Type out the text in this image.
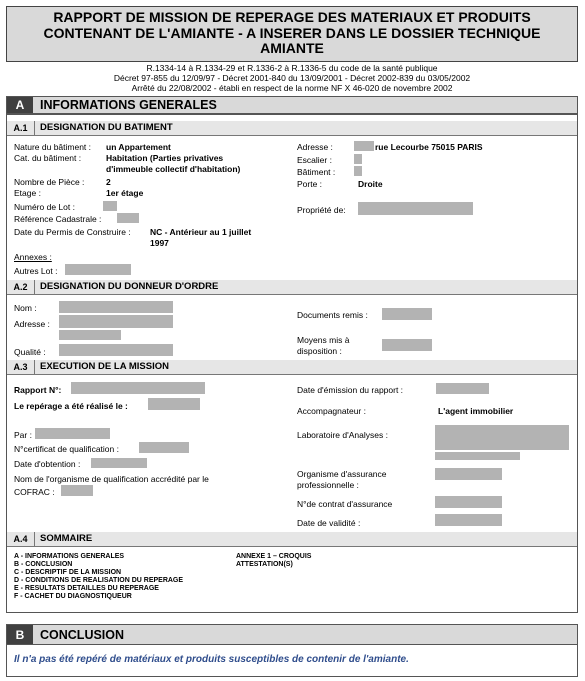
RAPPORT DE MISSION DE REPERAGE DES MATERIAUX ET PRODUITS
CONTENANT DE L'AMIANTE - A INSERER DANS LE DOSSIER TECHNIQUE
AMIANTE
R.1334-14 à R.1334-29 et R.1336-2 à R.1336-5 du code de la santé publique
Décret 97-855 du 12/09/97 - Décret 2001-840 du 13/09/2001 - Décret 2002-839 du 03/05/2002
Arrêté du 22/08/2002 - établi en respect de la norme NF X 46-020 de novembre 2002
A	INFORMATIONS GENERALES
A.1	DESIGNATION DU BATIMENT
Nature du bâtiment : un Appartement
Cat. du bâtiment :	Habitation (Parties privatives
d'immeuble collectif d'habitation)
Nombre de Pièce :	2
Etage :	1er étage
Numéro de Lot :
Référence Cadastrale :
Date du Permis de Construire : NC - Antérieur au 1 juillet
1997
Annexes :
Autres Lot :
Adresse :	rue Lecourbe 75015 PARIS
Escalier :
Bâtiment :
Porte :	Droite
Propriété de:
A.2	DESIGNATION DU DONNEUR D'ORDRE
Nom :
Adresse :
Qualité :
Documents remis :
Moyens mis à
disposition :
A.3	EXECUTION DE LA MISSION
Rapport N°:
Le repérage a été réalisé le :
Par :
N°certificat de qualification :
Date d'obtention :
Nom de l'organisme de qualification accrédité par le
COFRAC :
Date d'émission du rapport :
Accompagnateur :	L'agent immobilier
Laboratoire d'Analyses :
Organisme d'assurance
professionnelle :
N°de contrat d'assurance
Date de validité :
A.4	SOMMAIRE
A - INFORMATIONS GENERALES
B - CONCLUSION
C - DESCRIPTIF DE LA MISSION
D - CONDITIONS DE REALISATION DU REPERAGE
E - RESULTATS DETAILLES DU REPERAGE
F - CACHET DU DIAGNOSTIQUEUR
ANNEXE 1 – CROQUIS
ATTESTATION(S)
B	CONCLUSION
Il n'a pas été repéré de matériaux et produits susceptibles de contenir de l'amiante.
